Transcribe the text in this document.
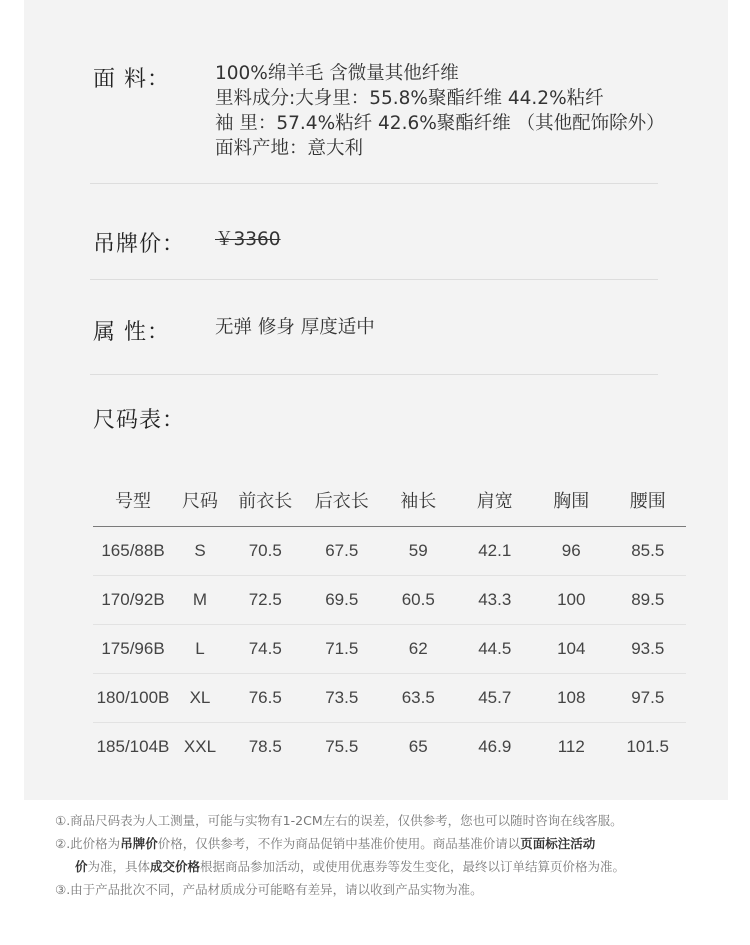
面 料： 100%绵羊毛 含微量其他纤维
里料成分:大身里：55.8%聚酯纤维 44.2%粘纤
袖 里：57.4%粘纤 42.6%聚酯纤维 （其他配饰除外）
面料产地：意大利
吊牌价： ￥3360
属 性： 无弹 修身 厚度适中
尺码表：
号型	尺码	前衣长	后衣长	袖长	肩宽	胸围	腰围
165/88B	S	70.5	67.5	59	42.1	96	85.5
170/92B	M	72.5	69.5	60.5	43.3	100	89.5
175/96B	L	74.5	71.5	62	44.5	104	93.5
180/100B	XL	76.5	73.5	63.5	45.7	108	97.5
185/104B	XXL	78.5	75.5	65	46.9	112	101.5
①.商品尺码表为人工测量，可能与实物有1-2CM左右的误差，仅供参考，您也可以随时咨询在线客服。
②.此价格为吊牌价价格，仅供参考，不作为商品促销中基准价使用。商品基准价请以页面标注活动
价为准，具体成交价格根据商品参加活动，或使用优惠券等发生变化，最终以订单结算页价格为准。
③.由于产品批次不同，产品材质成分可能略有差异，请以收到产品实物为准。
